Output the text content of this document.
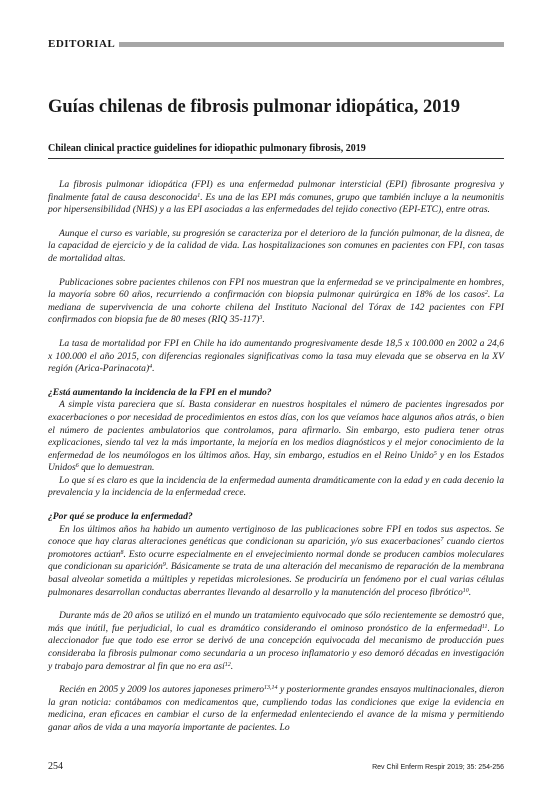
EDITORIAL
Guías chilenas de fibrosis pulmonar idiopática, 2019
Chilean clinical practice guidelines for idiopathic pulmonary fibrosis, 2019

La fibrosis pulmonar idiopática (FPI) es una enfermedad pulmonar intersticial (EPI) fibrosante progresiva y finalmente fatal de causa desconocida$^1$. Es una de las EPI más comunes, grupo que también incluye a la neumonitis por hipersensibilidad (NHS) y a las EPI asociadas a las enfermedades del tejido conectivo (EPI-ETC), entre otras.

Aunque el curso es variable, su progresión se caracteriza por el deterioro de la función pulmonar, de la disnea, de la capacidad de ejercicio y de la calidad de vida. Las hospitalizaciones son comunes en pacientes con FPI, con tasas de mortalidad altas.

Publicaciones sobre pacientes chilenos con FPI nos muestran que la enfermedad se ve principalmente en hombres, la mayoría sobre 60 años, recurriendo a confirmación con biopsia pulmonar quirúrgica en 18% de los casos$^2$. La mediana de supervivencia de una cohorte chilena del Instituto Nacional del Tórax de 142 pacientes con FPI confirmados con biopsia fue de 80 meses (RIQ 35-117)$^3$.

La tasa de mortalidad por FPI en Chile ha ido aumentando progresivamente desde 18,5 x 100.000 en 2002 a 24,6 x 100.000 el año 2015, con diferencias regionales significativas como la tasa muy elevada que se observa en la XV región (Arica-Parinacota)$^4$.

¿Está aumentando la incidencia de la FPI en el mundo?

A simple vista pareciera que sí. Basta considerar en nuestros hospitales el número de pacientes ingresados por exacerbaciones o por necesidad de procedimientos en estos días, con los que veíamos hace algunos años atrás, o bien el número de pacientes ambulatorios que controlamos, para afirmarlo. Sin embargo, esto pudiera tener otras explicaciones, siendo tal vez la más importante, la mejoría en los medios diagnósticos y el mejor conocimiento de la enfermedad de los neumólogos en los últimos años. Hay, sin embargo, estudios en el Reino Unido$^5$ y en los Estados Unidos$^6$ que lo demuestran.

Lo que sí es claro es que la incidencia de la enfermedad aumenta dramáticamente con la edad y en cada decenio la prevalencia y la incidencia de la enfermedad crece.

¿Por qué se produce la enfermedad?

En los últimos años ha habido un aumento vertiginoso de las publicaciones sobre FPI en todos sus aspectos. Se conoce que hay claras alteraciones genéticas que condicionan su aparición, y/o sus exacerbaciones$^7$ cuando ciertos promotores actúan$^8$. Esto ocurre especialmente en el envejecimiento normal donde se producen cambios moleculares que condicionan su aparición$^9$. Básicamente se trata de una alteración del mecanismo de reparación de la membrana basal alveolar sometida a múltiples y repetidas microlesiones. Se produciría un fenómeno por el cual varias células pulmonares desarrollan conductas aberrantes llevando al desarrollo y la manutención del proceso fibrótico$^{10}$.

Durante más de 20 años se utilizó en el mundo un tratamiento equivocado que sólo recientemente se demostró que, más que inútil, fue perjudicial, lo cual es dramático considerando el ominoso pronóstico de la enfermedad$^{11}$. Lo aleccionador fue que todo ese error se derivó de una concepción equivocada del mecanismo de producción pues consideraba la fibrosis pulmonar como secundaria a un proceso inflamatorio y eso demoró décadas en investigación y trabajo para demostrar al fin que no era así$^{12}$.

Recién en 2005 y 2009 los autores japoneses primero$^{13,14}$ y posteriormente grandes ensayos multinacionales, dieron la gran noticia: contábamos con medicamentos que, cumpliendo todas las condiciones que exige la evidencia en medicina, eran eficaces en cambiar el curso de la enfermedad enlenteciendo el avance de la misma y permitiendo ganar años de vida a una mayoría importante de pacientes. Lo

254	Rev Chil Enferm Respir 2019; 35: 254-256
